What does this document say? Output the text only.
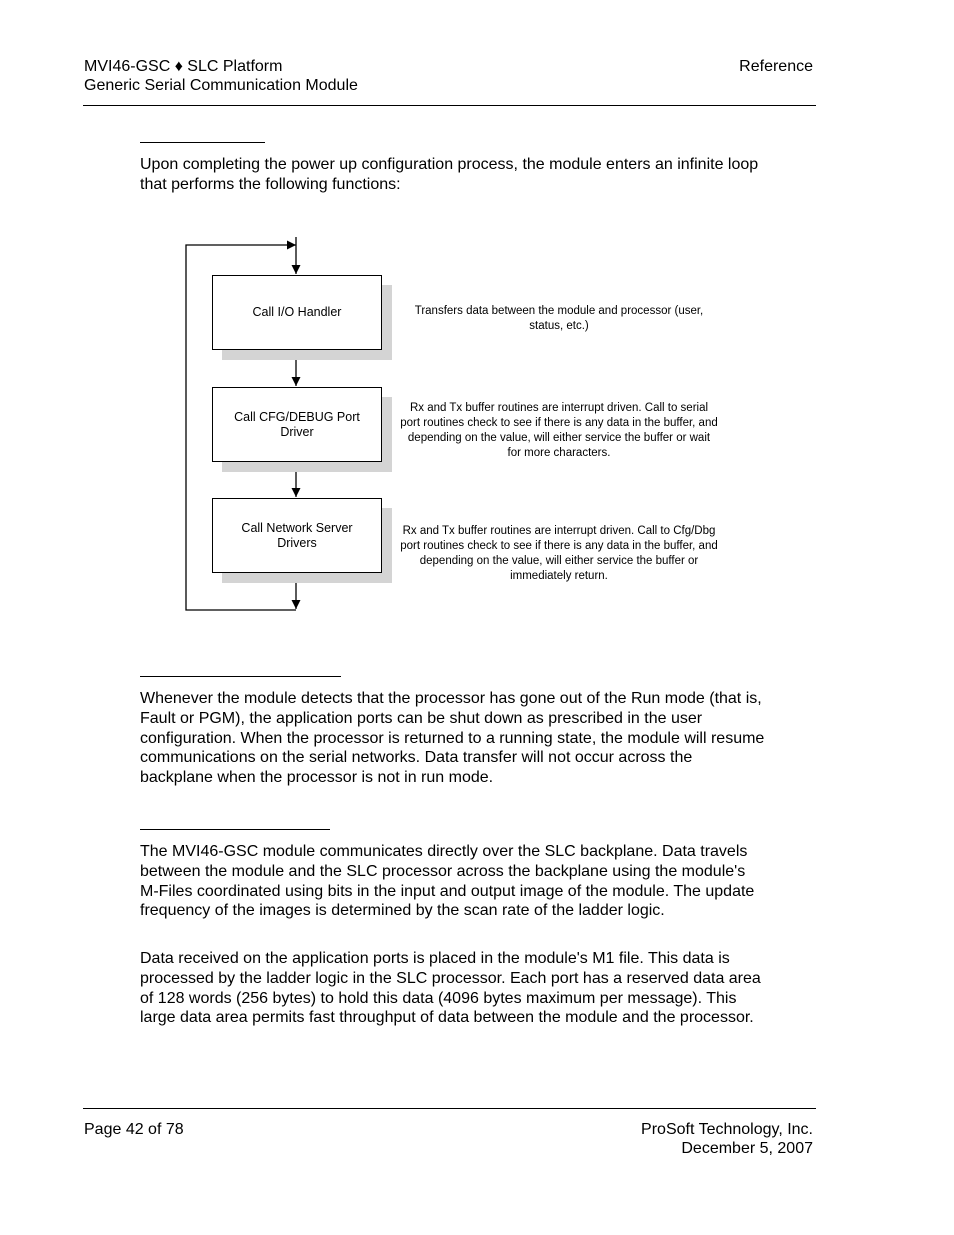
MVI46-GSC ♦ SLC Platform
Generic Serial Communication Module
Reference
Upon completing the power up configuration process, the module enters an infinite loop that performs the following functions:
Call I/O Handler
Call CFG/DEBUG Port Driver
Call Network Server Drivers
Transfers data between the module and processor (user, status, etc.)
Rx and Tx buffer routines are interrupt driven. Call to serial port routines check to see if there is any data in the buffer, and depending on the value, will either service the buffer or wait for more characters.
Rx and Tx buffer routines are interrupt driven. Call to Cfg/Dbg port routines check to see if there is any data in the buffer, and depending on the value, will either service the buffer or immediately return.
Whenever the module detects that the processor has gone out of the Run mode (that is, Fault or PGM), the application ports can be shut down as prescribed in the user configuration. When the processor is returned to a running state, the module will resume communications on the serial networks. Data transfer will not occur across the backplane when the processor is not in run mode.
The MVI46-GSC module communicates directly over the SLC backplane. Data travels between the module and the SLC processor across the backplane using the module's M-Files coordinated using bits in the input and output image of the module. The update frequency of the images is determined by the scan rate of the ladder logic.
Data received on the application ports is placed in the module's M1 file. This data is processed by the ladder logic in the SLC processor. Each port has a reserved data area of 128 words (256 bytes) to hold this data (4096 bytes maximum per message). This large data area permits fast throughput of data between the module and the processor.
Page 42 of 78	ProSoft Technology, Inc.
December 5, 2007
